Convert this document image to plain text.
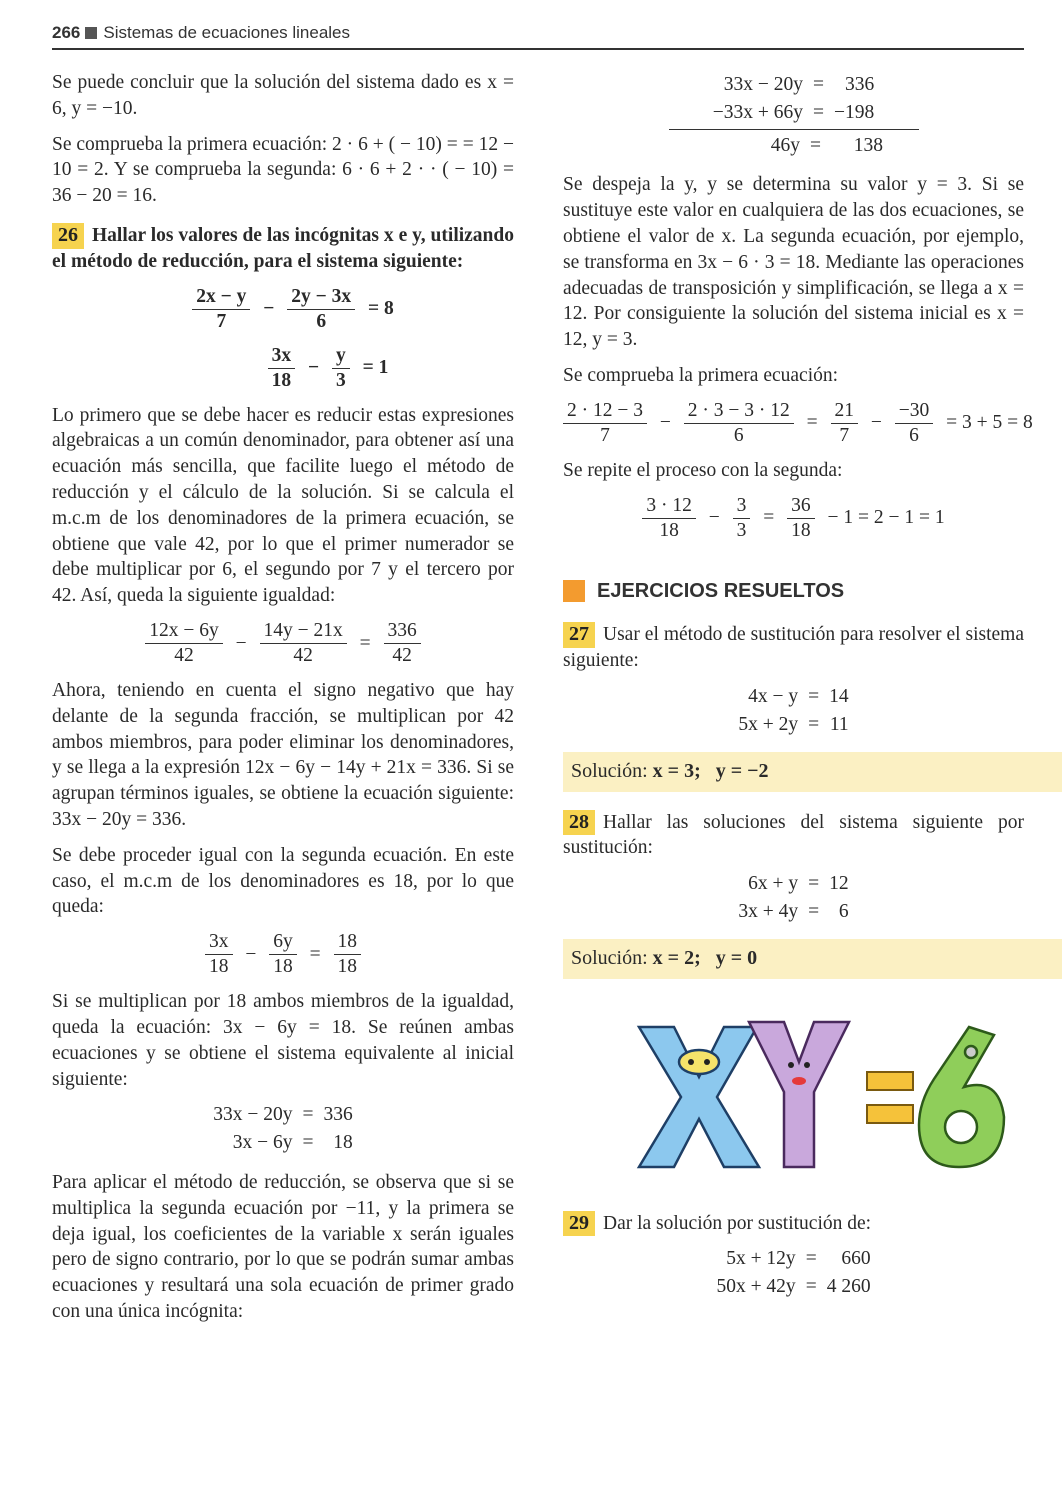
266 Sistemas de ecuaciones lineales

Se puede concluir que la solución del sistema dado es x = 6, y = −10.

Se comprueba la primera ecuación: 2 · 6 + ( − 10) = = 12 − 10 = 2. Y se comprueba la segunda: 6 · 6 + 2 · · ( − 10) = 36 − 20 = 16.

26 Hallar los valores de las incógnitas x e y, utilizando el método de reducción, para el sistema siguiente:

$\frac{2x - y}{7} - \frac{2y - 3x}{6} = 8$
$\frac{3x}{18} - \frac{y}{3} = 1$

Lo primero que se debe hacer es reducir estas expresiones algebraicas a un común denominador, para obtener así una ecuación más sencilla, que facilite luego el método de reducción y el cálculo de la solución. Si se calcula el m.c.m de los denominadores de la primera ecuación, se obtiene que vale 42, por lo que el primer numerador se debe multiplicar por 6, el segundo por 7 y el tercero por 42. Así, queda la siguiente igualdad:

$\frac{12x - 6y}{42} - \frac{14y - 21x}{42} = \frac{336}{42}$

Ahora, teniendo en cuenta el signo negativo que hay delante de la segunda fracción, se multiplican por 42 ambos miembros, para poder eliminar los denominadores, y se llega a la expresión 12x − 6y − 14y + 21x = 336. Si se agrupan términos iguales, se obtiene la ecuación siguiente: 33x − 20y = 336.

Se debe proceder igual con la segunda ecuación. En este caso, el m.c.m de los denominadores es 18, por lo que queda:

$\frac{3x}{18} - \frac{6y}{18} = \frac{18}{18}$

Si se multiplican por 18 ambos miembros de la igualdad, queda la ecuación: 3x − 6y = 18. Se reúnen ambas ecuaciones y se obtiene el sistema equivalente al inicial siguiente:

33x − 20y = 336
3x − 6y =	18

Para aplicar el método de reducción, se observa que si se multiplica la segunda ecuación por −11, y la primera se deja igual, los coeficientes de la variable x serán iguales pero de signo contrario, por lo que se podrán sumar ambas ecuaciones y resultará una sola ecuación de primer grado con una única incógnita:

33x − 20y =	336
−33x + 66y = −198
46y =	138

Se despeja la y, y se determina su valor y = 3. Si se sustituye este valor en cualquiera de las dos ecuaciones, se obtiene el valor de x. La segunda ecuación, por ejemplo, se transforma en 3x − 6 · 3 = 18. Mediante las operaciones adecuadas de transposición y simplificación, se llega a x = 12. Por consiguiente la solución del sistema inicial es x = 12, y = 3.

Se comprueba la primera ecuación:

$\frac{2 \cdot 12 - 3}{7} - \frac{2 \cdot 3 - 3 \cdot 12}{6} = \frac{21}{7} - \frac{-30}{6} = 3 + 5 = 8$

Se repite el proceso con la segunda:

$\frac{3 \cdot 12}{18} - \frac{3}{3} = \frac{36}{18} - 1 = 2 - 1 = 1$
EJERCICIOS RESUELTOS

27 Usar el método de sustitución para resolver el sistema siguiente:

4x − y = 14
5x + 2y = 11
Solución:
x = 3;
y = −2

28 Hallar las soluciones del sistema siguiente por sustitución:

6x + y = 12
3x + 4y =	6
Solución:
x = 2;
y = 0

29 Dar la solución por sustitución de:

5x + 12y =	660
50x + 42y = 4 260
